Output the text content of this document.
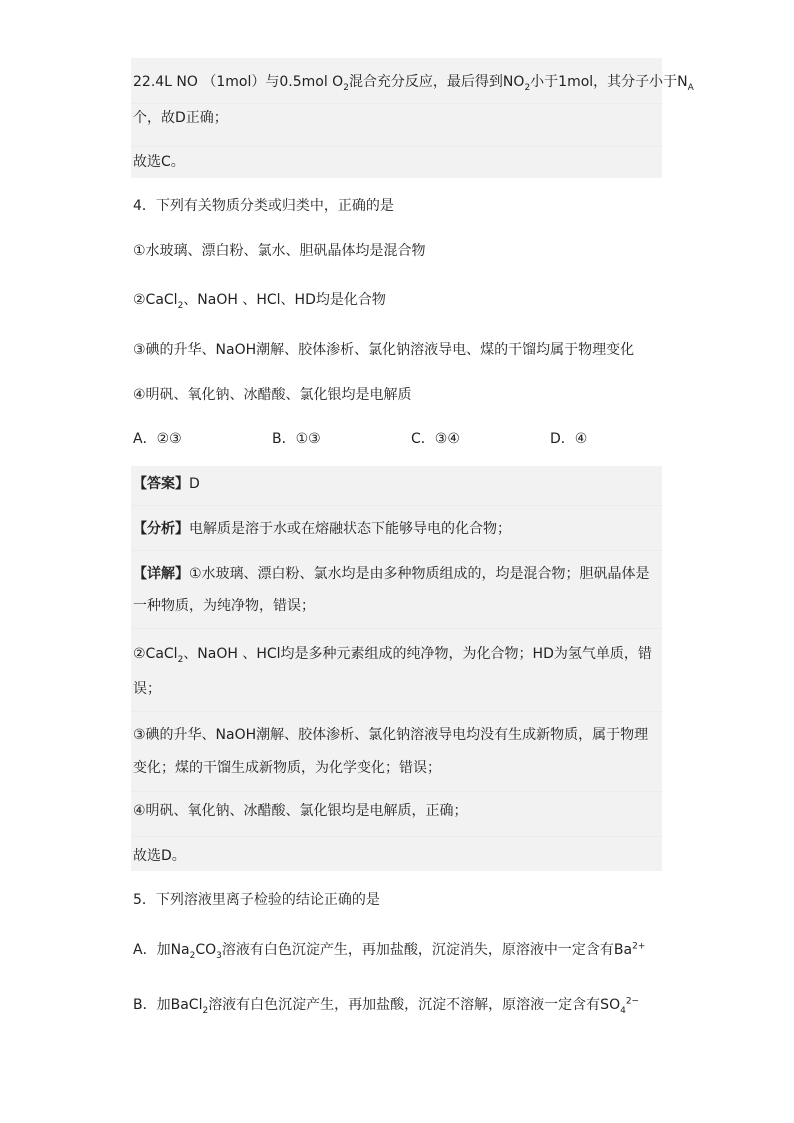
22.4L NO （1mol）与0.5mol $O_2$混合充分反应，最后得到$NO_2$小于1mol，其分子小于$N_A$
个，故D正确；
故选C。
4．下列有关物质分类或归类中，正确的是
①水玻璃、漂白粉、氯水、胆矾晶体均是混合物
②CaCl$_2$、NaOH 、HCl、HD均是化合物
③碘的升华、NaOH潮解、胶体渗析、氯化钠溶液导电、煤的干馏均属于物理变化
④明矾、氧化钠、冰醋酸、氯化银均是电解质
A．②③	B．①③	C．③④	D．④
【答案】D
【分析】电解质是溶于水或在熔融状态下能够导电的化合物；
【详解】①水玻璃、漂白粉、氯水均是由多种物质组成的，均是混合物；胆矾晶体是
一种物质，为纯净物，错误；
②CaCl$_2$、NaOH 、HCl均是多种元素组成的纯净物，为化合物；HD为氢气单质，错
误；
③碘的升华、NaOH潮解、胶体渗析、氯化钠溶液导电均没有生成新物质，属于物理
变化；煤的干馏生成新物质，为化学变化；错误；
④明矾、氧化钠、冰醋酸、氯化银均是电解质，正确；
故选D。
5．下列溶液里离子检验的结论正确的是
A．加$Na_2CO_3$溶液有白色沉淀产生，再加盐酸，沉淀消失，原溶液中一定含有$Ba^{2+}$
B．加BaCl$_2$溶液有白色沉淀产生，再加盐酸，沉淀不溶解，原溶液一定含有$SO_4^{2-}$
